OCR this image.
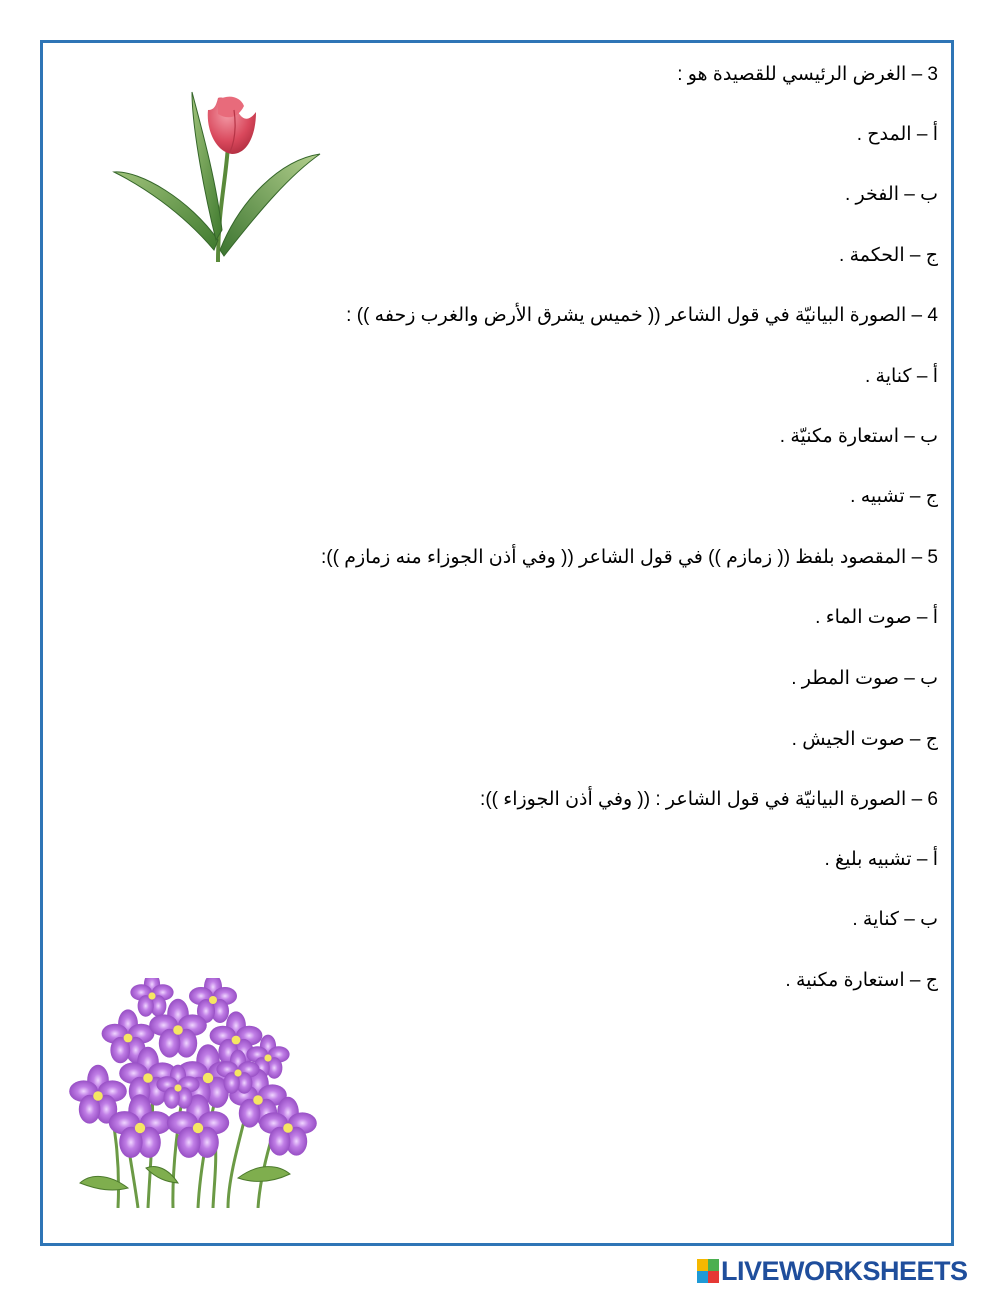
3 – الغرض الرئيسي للقصيدة هو :
أ – المدح .
ب – الفخر .
ج – الحكمة .
4 – الصورة البيانيّة في قول الشاعر (( خميس يشرق الأرض والغرب زحفه )) :
أ – كناية .
ب – استعارة مكنيّة .
ج – تشبيه .
5 – المقصود بلفظ (( زمازم )) في قول الشاعر (( وفي أذن الجوزاء منه زمازم )):
أ – صوت الماء .
ب – صوت المطر .
ج – صوت الجيش .
6 – الصورة البيانيّة في قول الشاعر : (( وفي أذن الجوزاء )):
أ – تشبيه بليغ .
ب – كناية .
ج – استعارة مكنية .
LIVEWORKSHEETS
